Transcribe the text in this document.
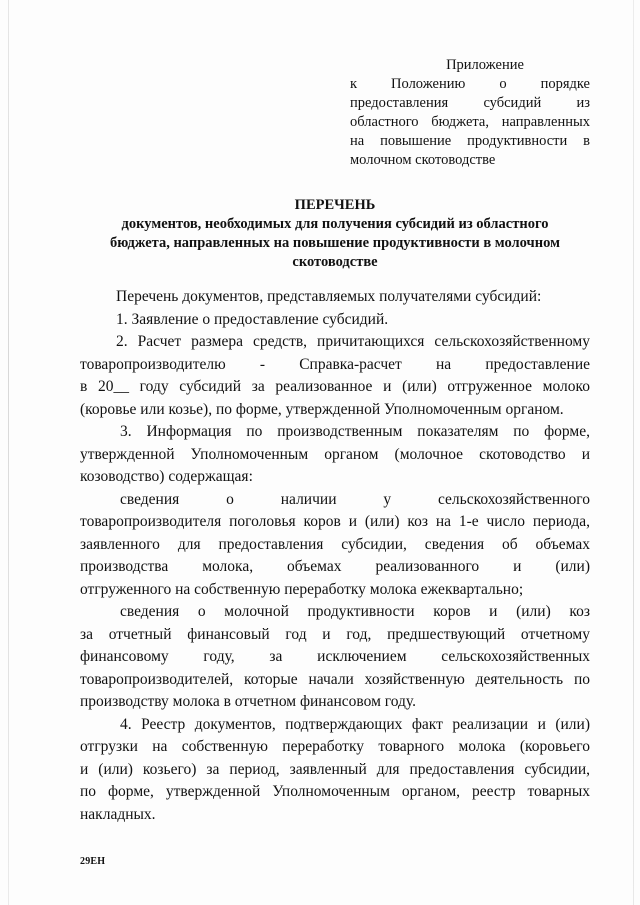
Приложение
к Положению о порядке
предоставления субсидий из
областного бюджета, направленных
на повышение продуктивности в
молочном скотоводстве
ПЕРЕЧЕНЬ
документов, необходимых для получения субсидий из областного
бюджета, направленных на повышение продуктивности в молочном
скотоводстве
Перечень документов, представляемых получателями субсидий:
1. Заявление о предоставление субсидий.
2. Расчет размера средств, причитающихся сельскохозяйственному
товаропроизводителю - Справка-расчет на предоставление
в 20__ году субсидий за реализованное и (или) отгруженное молоко
(коровье или козье), по форме, утвержденной Уполномоченным органом.
3. Информация по производственным показателям по форме,
утвержденной Уполномоченным органом (молочное скотоводство и
козоводство) содержащая:
сведения о наличии у сельскохозяйственного
товаропроизводителя поголовья коров и (или) коз на 1-е число периода,
заявленного для предоставления субсидии, сведения об объемах
производства молока, объемах реализованного и (или)
отгруженного на собственную переработку молока ежеквартально;
сведения о молочной продуктивности коров и (или) коз
за отчетный финансовый год и год, предшествующий отчетному
финансовому году, за исключением сельскохозяйственных
товаропроизводителей, которые начали хозяйственную деятельность по
производству молока в отчетном финансовом году.
4. Реестр документов, подтверждающих факт реализации и (или)
отгрузки на собственную переработку товарного молока (коровьего
и (или) козьего) за период, заявленный для предоставления субсидии,
по форме, утвержденной Уполномоченным органом, реестр товарных
накладных.
29ЕН
